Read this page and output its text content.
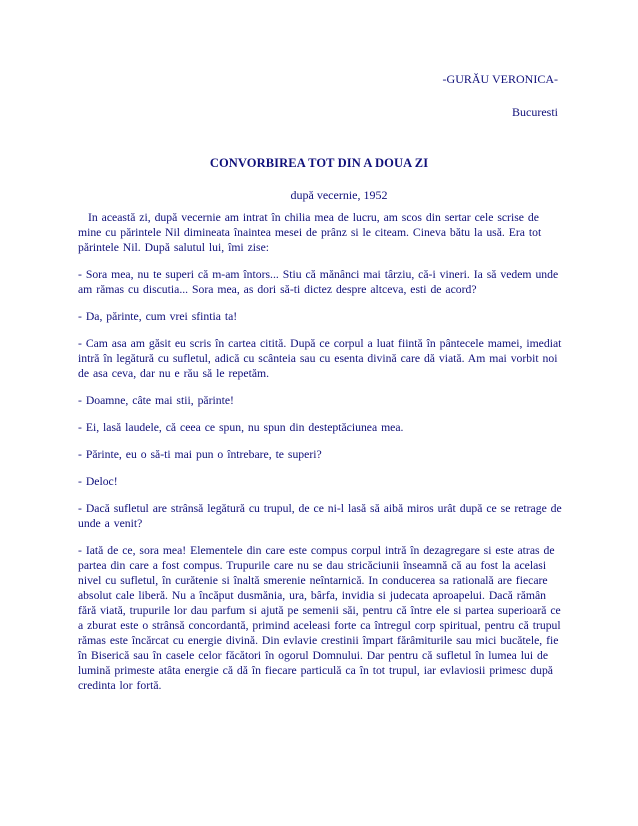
-GURĂU VERONICA-
Bucuresti
CONVORBIREA TOT DIN A DOUA ZI
după vecernie, 1952

In această zi, după vecernie am intrat în chilia mea de lucru, am scos din sertar cele scrise de mine cu părintele Nil dimineata înaintea mesei de prânz si le citeam. Cineva bătu la usă. Era tot părintele Nil. După salutul lui, îmi zise:

- Sora mea, nu te superi că m-am întors... Stiu că mănânci mai târziu, că-i vineri. Ia să vedem unde am rămas cu discutia... Sora mea, as dori să-ti dictez despre altceva, esti de acord?

- Da, părinte, cum vrei sfintia ta!

- Cam asa am găsit eu scris în cartea citită. După ce corpul a luat fiintă în pântecele mamei, imediat intră în legătură cu sufletul, adică cu scânteia sau cu esenta divină care dă viată. Am mai vorbit noi de asa ceva, dar nu e rău să le repetăm.

- Doamne, câte mai stii, părinte!

- Ei, lasă laudele, că ceea ce spun, nu spun din desteptăciunea mea.

- Părinte, eu o să-ti mai pun o întrebare, te superi?

- Deloc!

- Dacă sufletul are strânsă legătură cu trupul, de ce ni-l lasă să aibă miros urât după ce se retrage de unde a venit?

- Iată de ce, sora mea! Elementele din care este compus corpul intră în dezagregare si este atras de partea din care a fost compus. Trupurile care nu se dau stricăciunii înseamnă că au fost la acelasi nivel cu sufletul, în curătenie si înaltă smerenie neîntarnică. In conducerea sa ratională are fiecare absolut cale liberă. Nu a încăput dusmănia, ura, bârfa, invidia si judecata aproapelui. Dacă rămân fără viată, trupurile lor dau parfum si ajută pe semenii săi, pentru că între ele si partea superioară ce a zburat este o strânsă concordantă, primind aceleasi forte ca întregul corp spiritual, pentru că trupul rămas este încărcat cu energie divină. Din evlavie crestinii împart fărâmiturile sau mici bucătele, fie în Biserică sau în casele celor făcători în ogorul Domnului. Dar pentru că sufletul în lumea lui de lumină primeste atâta energie că dă în fiecare particulă ca în tot trupul, iar evlaviosii primesc după credinta lor fortă.
